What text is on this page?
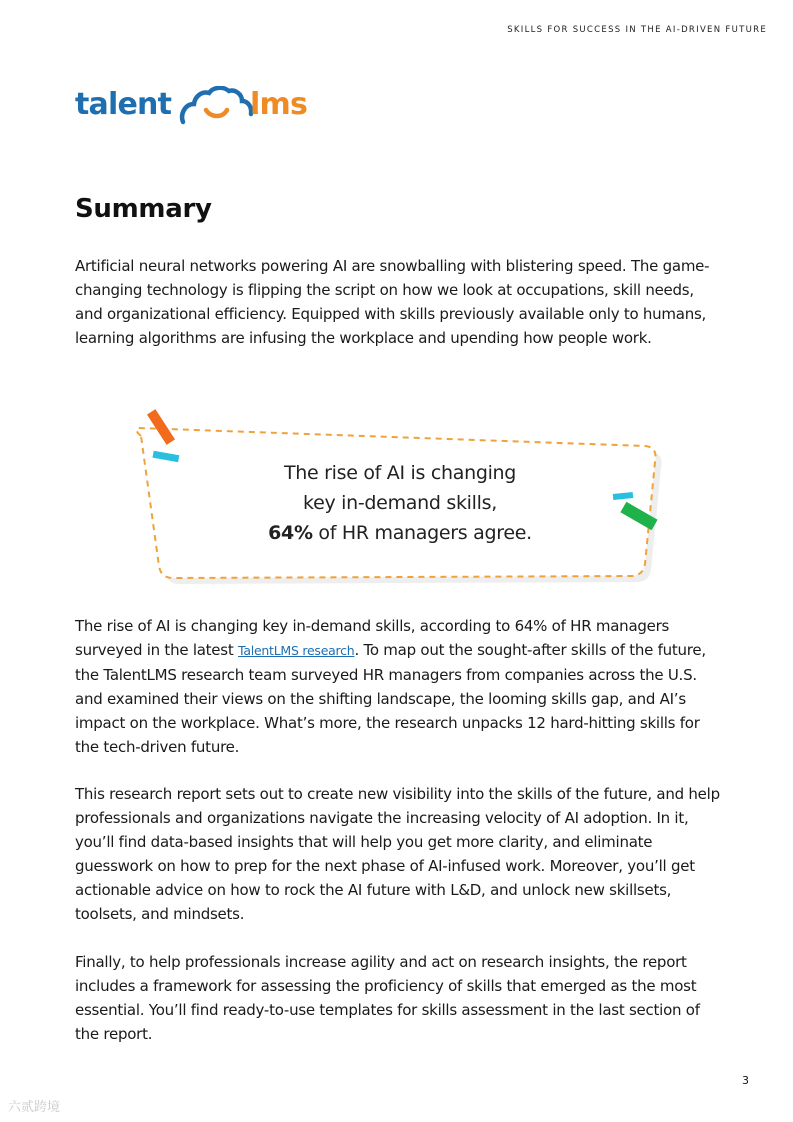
SKILLS FOR SUCCESS IN THE AI-DRIVEN FUTURE
talent	lms
Summary

Artificial neural networks powering AI are snowballing with blistering speed. The game-changing technology is flipping the script on how we look at occupations, skill needs, and organizational efficiency. Equipped with skills previously available only to humans, learning algorithms are infusing the workplace and upending how people work.

The rise of AI is changing
key in-demand skills,
64% of HR managers agree.

The rise of AI is changing key in-demand skills, according to 64% of HR managers surveyed in the latest TalentLMS research. To map out the sought-after skills of the future, the TalentLMS research team surveyed HR managers from companies across the U.S. and examined their views on the shifting landscape, the looming skills gap, and AI’s impact on the workplace. What’s more, the research unpacks 12 hard-hitting skills for the tech-driven future.

This research report sets out to create new visibility into the skills of the future, and help professionals and organizations navigate the increasing velocity of AI adoption. In it, you’ll find data-based insights that will help you get more clarity, and eliminate guesswork on how to prep for the next phase of AI-infused work. Moreover, you’ll get actionable advice on how to rock the AI future with L&D, and unlock new skillsets, toolsets, and mindsets.

Finally, to help professionals increase agility and act on research insights, the report includes a framework for assessing the proficiency of skills that emerged as the most essential. You’ll find ready-to-use templates for skills assessment in the last section of the report.

3
六贰跨境
